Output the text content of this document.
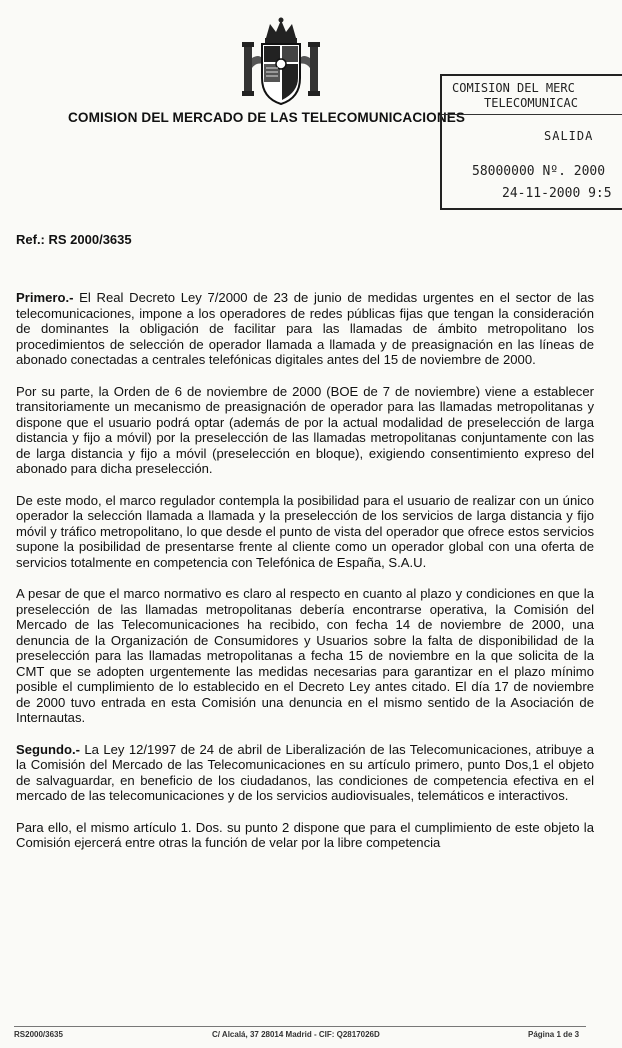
COMISION DEL MERCADO DE LAS TELECOMUNICACIONES
COMISION DEL MERC
TELECOMUNICAC
SALIDA
58000000 Nº. 2000
24-11-2000 9:5
Ref.: RS 2000/3635

Primero.- El Real Decreto Ley 7/2000 de 23 de junio de medidas urgentes en el sector de las telecomunicaciones, impone a los operadores de redes públicas fijas que tengan la consideración de dominantes la obligación de facilitar para las llamadas de ámbito metropolitano los procedimientos de selección de operador llamada a llamada y de preasignación en las líneas de abonado conectadas a centrales telefónicas digitales antes del 15 de noviembre de 2000.

Por su parte, la Orden de 6 de noviembre de 2000 (BOE de 7 de noviembre) viene a establecer transitoriamente un mecanismo de preasignación de operador para las llamadas metropolitanas y dispone que el usuario podrá optar (además de por la actual modalidad de preselección de larga distancia y fijo a móvil) por la preselección de las llamadas metropolitanas conjuntamente con las de larga distancia y fijo a móvil (preselección en bloque), exigiendo consentimiento expreso del abonado para dicha preselección.

De este modo, el marco regulador contempla la posibilidad para el usuario de realizar con un único operador la selección llamada a llamada y la preselección de los servicios de larga distancia y fijo móvil y tráfico metropolitano, lo que desde el punto de vista del operador que ofrece estos servicios supone la posibilidad de presentarse frente al cliente como un operador global con una oferta de servicios totalmente en competencia con Telefónica de España, S.A.U.

A pesar de que el marco normativo es claro al respecto en cuanto al plazo y condiciones en que la preselección de las llamadas metropolitanas debería encontrarse operativa, la Comisión del Mercado de las Telecomunicaciones ha recibido, con fecha 14 de noviembre de 2000, una denuncia de la Organización de Consumidores y Usuarios sobre la falta de disponibilidad de la preselección para las llamadas metropolitanas a fecha 15 de noviembre en la que solicita de la CMT que se adopten urgentemente las medidas necesarias para garantizar en el plazo mínimo posible el cumplimiento de lo establecido en el Decreto Ley antes citado. El día 17 de noviembre de 2000 tuvo entrada en esta Comisión una denuncia en el mismo sentido de la Asociación de Internautas.

Segundo.- La Ley 12/1997 de 24 de abril de Liberalización de las Telecomunicaciones, atribuye a la Comisión del Mercado de las Telecomunicaciones en su artículo primero, punto Dos,1 el objeto de salvaguardar, en beneficio de los ciudadanos, las condiciones de competencia efectiva en el mercado de las telecomunicaciones y de los servicios audiovisuales, telemáticos e interactivos.

Para ello, el mismo artículo 1. Dos. su punto 2 dispone que para el cumplimiento de este objeto la Comisión ejercerá entre otras la función de velar por la libre competencia

RS2000/3635	C/ Alcalá, 37 28014 Madrid - CIF: Q2817026D	Página 1 de 3
